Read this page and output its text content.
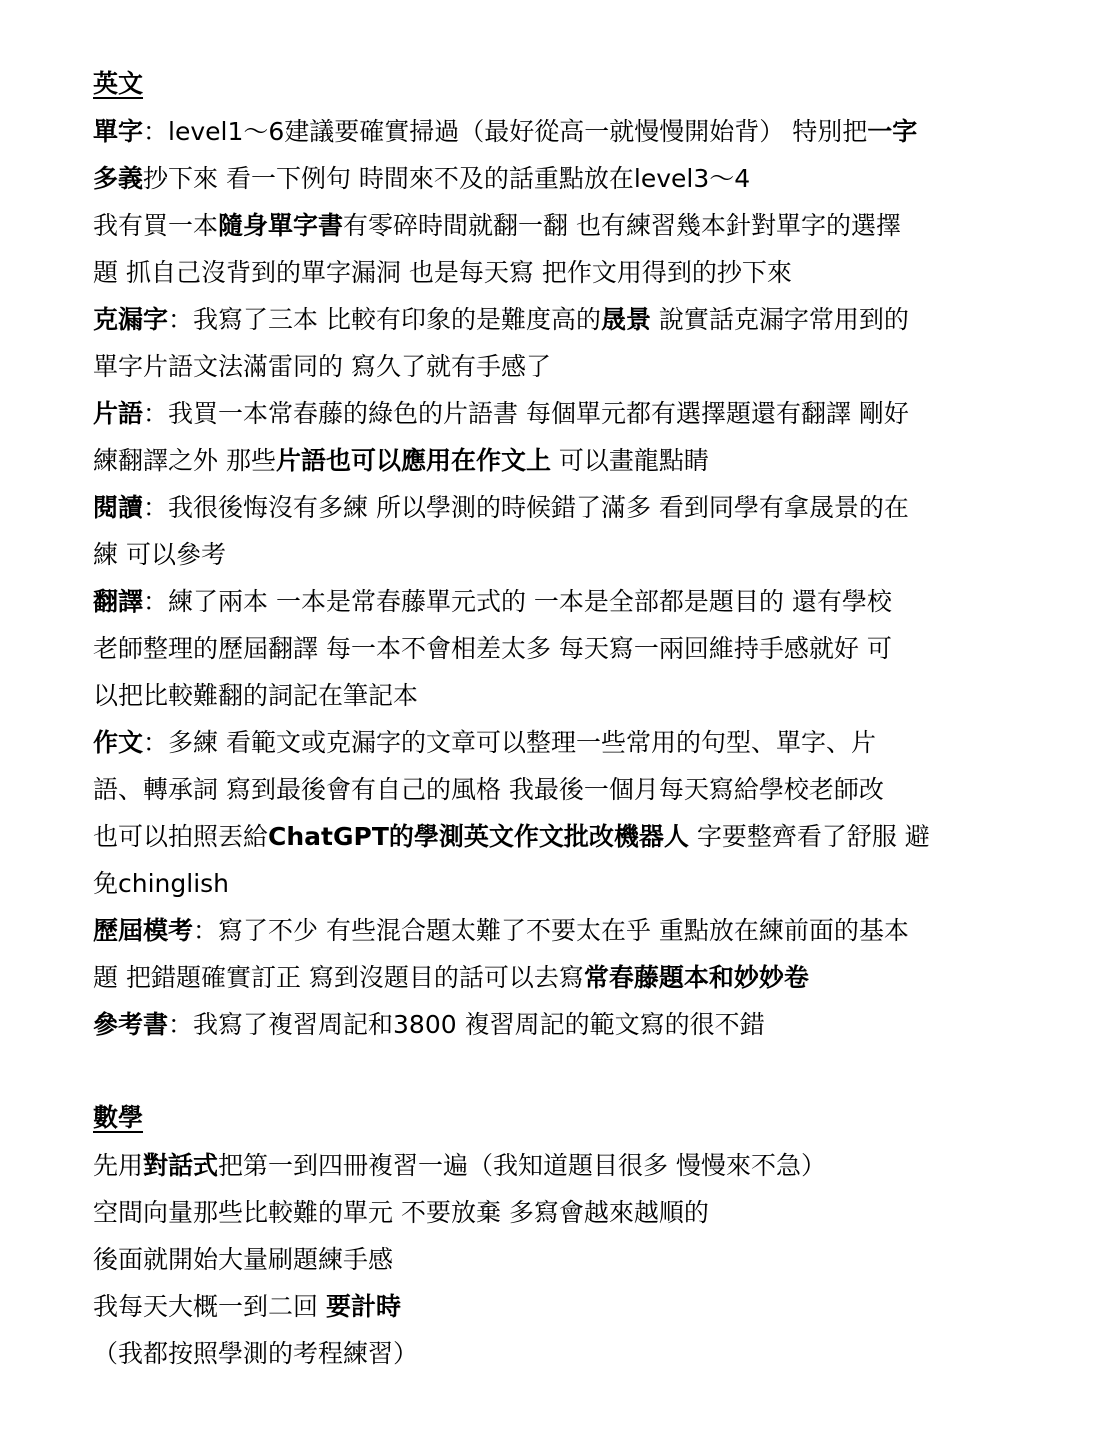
英文
單字：level1～6建議要確實掃過（最好從高一就慢慢開始背） 特別把一字
多義抄下來 看一下例句 時間來不及的話重點放在level3～4
我有買一本隨身單字書有零碎時間就翻一翻 也有練習幾本針對單字的選擇
題 抓自己沒背到的單字漏洞 也是每天寫 把作文用得到的抄下來
克漏字：我寫了三本 比較有印象的是難度高的晟景 說實話克漏字常用到的
單字片語文法滿雷同的 寫久了就有手感了
片語：我買一本常春藤的綠色的片語書 每個單元都有選擇題還有翻譯 剛好
練翻譯之外 那些片語也可以應用在作文上 可以畫龍點睛
閱讀：我很後悔沒有多練 所以學測的時候錯了滿多 看到同學有拿晟景的在
練 可以參考
翻譯：練了兩本 一本是常春藤單元式的 一本是全部都是題目的 還有學校
老師整理的歷屆翻譯 每一本不會相差太多 每天寫一兩回維持手感就好 可
以把比較難翻的詞記在筆記本
作文：多練 看範文或克漏字的文章可以整理一些常用的句型、單字、片
語、轉承詞 寫到最後會有自己的風格 我最後一個月每天寫給學校老師改
也可以拍照丟給ChatGPT的學測英文作文批改機器人 字要整齊看了舒服 避
免chinglish
歷屆模考：寫了不少 有些混合題太難了不要太在乎 重點放在練前面的基本
題 把錯題確實訂正 寫到沒題目的話可以去寫常春藤題本和妙妙卷
參考書：我寫了複習周記和3800 複習周記的範文寫的很不錯
數學
先用對話式把第一到四冊複習一遍（我知道題目很多 慢慢來不急）
空間向量那些比較難的單元 不要放棄 多寫會越來越順的
後面就開始大量刷題練手感
我每天大概一到二回 要計時
（我都按照學測的考程練習）
